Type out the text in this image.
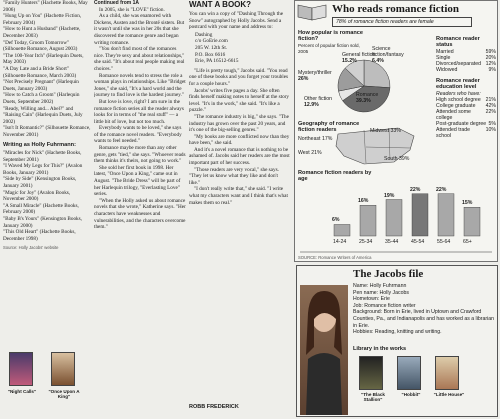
"Family Hunters" (Hachette Books, May 2006)
"Hung Up on You" (Hachette Fiction, February 2004)
"How to Hunt a Husband" (Hachette, December 2003)
"Def Today, Groom Tomorrow" (Silhouette Romance, August 2003)
"The 100-Year Itch" (Harlequin Duets, May 2003)
"A Day Late and a Bride Short" (Silhouette Romance, March 2003)
"Not Precisely Pregnant" (Harlequin Duets, January 2003)
"How to Catch a Groom" (Harlequin Duets, September 2002)
"Ready, Willing and... Abel?" and "Raising Cain" (Harlequin Duets, July 2002)
"Isn't It Romantic?" (Silhouette Romance, November 2001)
Writing as Holly Fuhrmann:
"Miracles for Nick" (Hachette Books, September 2001)
"I Waved My Legs for This?" (Avalon Books, January 2001)
"Side by Side" (Kensington Books, January 2001)
"Magic for Joy" (Avalon Books, November 2000)
"A Small Miracle" (Hachette Books, February 2000)
"Baby B's Yours" (Kensington Books, January 2000)
"This Old Heart" (Hachette Books, December 1998)
Source: Holly Jacobs' website
"Night Calls"	"Once Upon A King"
Continued from 1A

In 2005, she is "LOVE" fiction.

As a child, she was enamored with Dickens, Austen and the Brontë sisters. But it wasn't until she was in her 20s that she discovered the romance genre and began writing romance.

"You don't find most of the romances nice. They're sexy and about relationships," she said. "It's about real people making real choices."

Romance novels tend to stress the role a woman plays in relationships. Like "Bridget Jones," she said, "It's a hard world and the journey to find love is the hardest journey."

But love is love, right? I am sure in the romance fiction series all the reader always looks for in terms of "the real stuff" — a little bit of love, but not too much.

Everybody wants to be loved," she says of the romance novel readers. "Everybody wants to feel needed."

Romance maybe more than any other genre, gets "tied," she says. "Whoever reads them thinks it's theirs, not going to work."

She sold her first book in 1998. Her latest, "Once Upon a King," came out in August. "The Bride Dress" will be part of her Harlequin trilogy, "Everlasting Love" series.

"When the Holly asked us about romance novels that she wrote," Katherine says. "Her characters have weaknesses and vulnerabilities, and the characters overcome them."

WANT A BOOK?
You can win a copy of "Dashing Through the Snow" autographed by Holly Jacobs. Send a postcard with your name and address to:
Dashing
c/o GoErie.com
205 W. 12th St.
P.O. Box 6616
Erie, PA 16512-6615

"Life is pretty tough," Jacobs said. "You read one of these books and you forget your troubles for a couple hours."

Jacobs' writes five pages a day. She often finds herself making notes to herself at the story level. "It's in the work," she said. "It's like a puzzle."

"The romance industry is big," she says. "The industry has grown over the past 20 years, and it's one of the big-selling genres."

"My books are more conflicted now than they have been," she said.

And it's a novel romance that is nothing to be ashamed of. Jacobs said her readers are the most important part of her success.

"Those readers are very vocal," she says. "They let us know what they like and don't like."

"I don't really write that," she said. "I write what my characters want and I think that's what makes them so real."

ROBB FREDERICK
Who reads romance fiction
78% of romance fiction readers are female
How popular is romance fiction?
Percent of popular fiction sold, 2005
Mystery/thriller
26%
Romance
39.3%
Science fiction/fantasy
6.4%
General fiction
15.2%
Other fiction
12.9%
Geography of romance fiction readers
Northeast 17%
Midwest 33%
South 39%
West 21%
Romance reader status
Married	59%
Single	20%
Divorced/separated 12%
Widowed	9%
Romance reader education level
Readers who have:
High school degree 21%
College graduate 42%
Attended some college
22%
Post-graduate degree 5%
Attended trade school
10%
Romance fiction readers by age
6%
14-24
16%
25-34
19%
35-44
22%
45-54
22%
55-64
15%
65+
SOURCE: Romance Writers of America
The Jacobs file
Name: Holly Fuhrmann
Pen name: Holly Jacobs
Hometown: Erie
Job: Romance fiction writer
Background: Born in Erie, lived in Uptown and Crawford Counties, Pa., and Indianapolis and has worked as a librarian in Erie.
Hobbies: Reading, knitting and writing.
Library in the works
"The Black Stallion"
"Hobbit"	"Little House"
